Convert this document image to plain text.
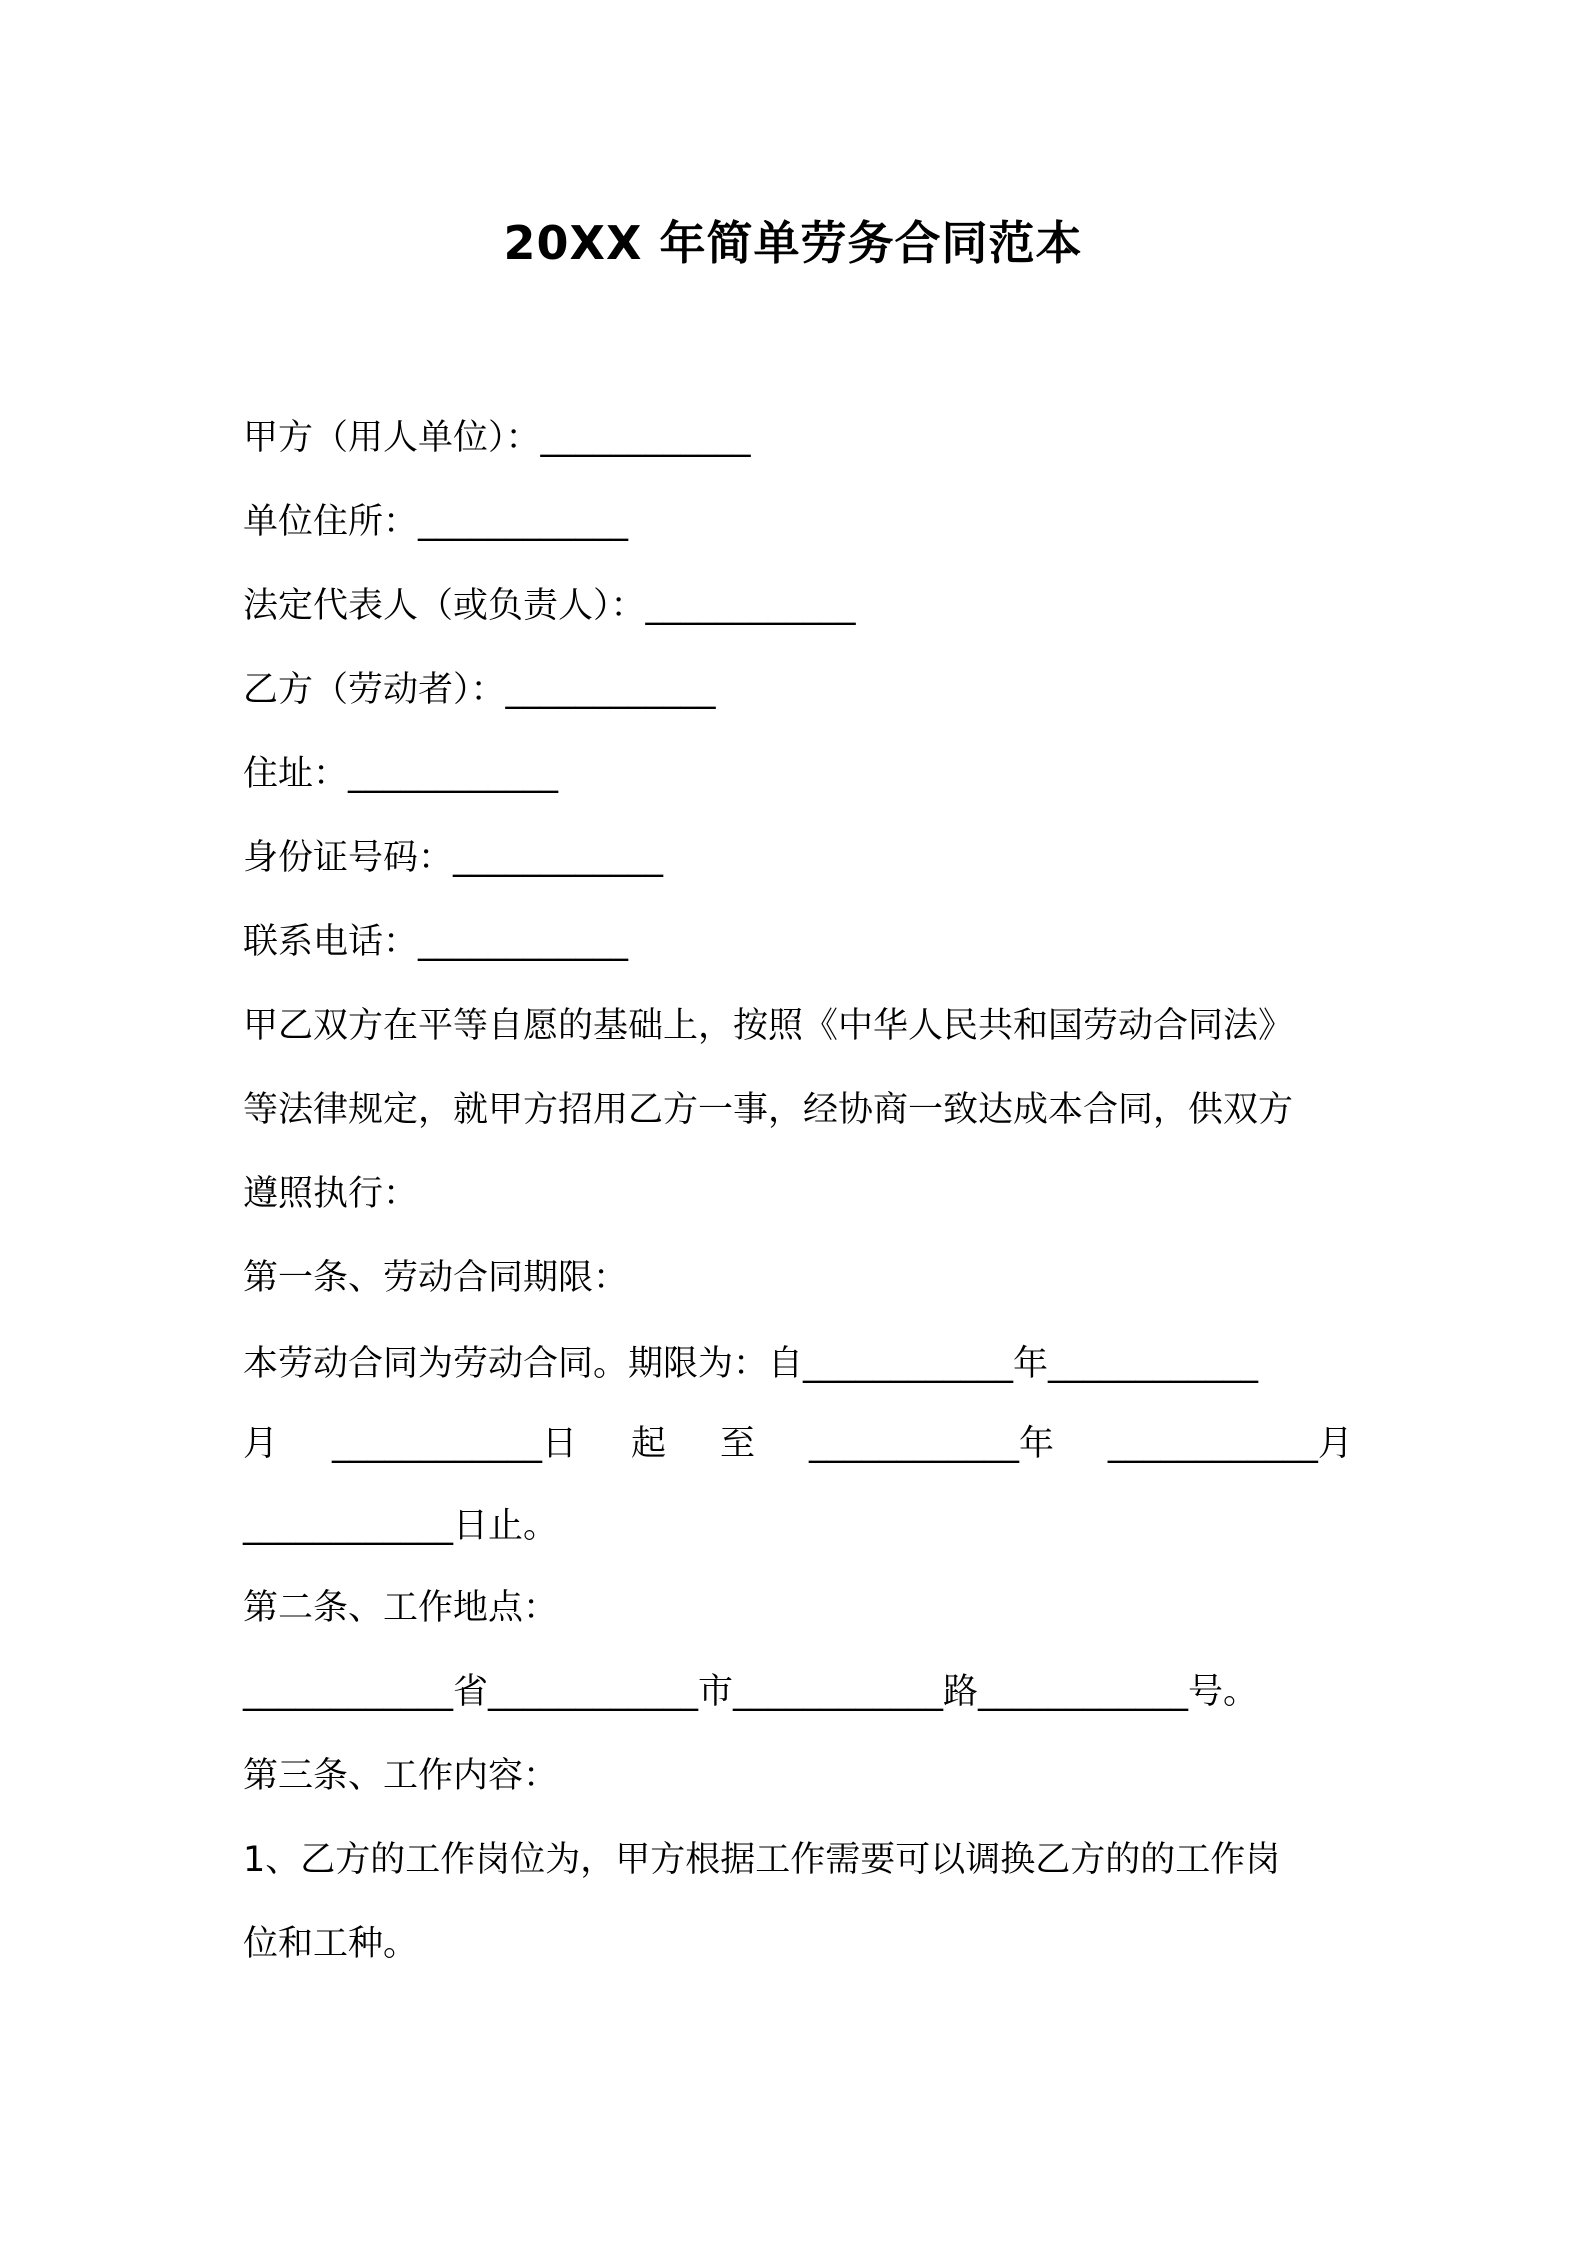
20XX 年简单劳务合同范本
甲方（用人单位）：____________
单位住所：____________
法定代表人（或负责人）：____________
乙方（劳动者）：____________
住址：____________
身份证号码：____________
联系电话：____________
甲乙双方在平等自愿的基础上，按照《中华人民共和国劳动合同法》
等法律规定，就甲方招用乙方一事，经协商一致达成本合同，供双方
遵照执行：
第一条、劳动合同期限：
本劳动合同为劳动合同。期限为：自____________年____________
月 ____________日 起 至 ____________年 ____________月
____________日止。
第二条、工作地点：
____________省____________市____________路____________号。
第三条、工作内容：
1、乙方的工作岗位为，甲方根据工作需要可以调换乙方的的工作岗
位和工种。
